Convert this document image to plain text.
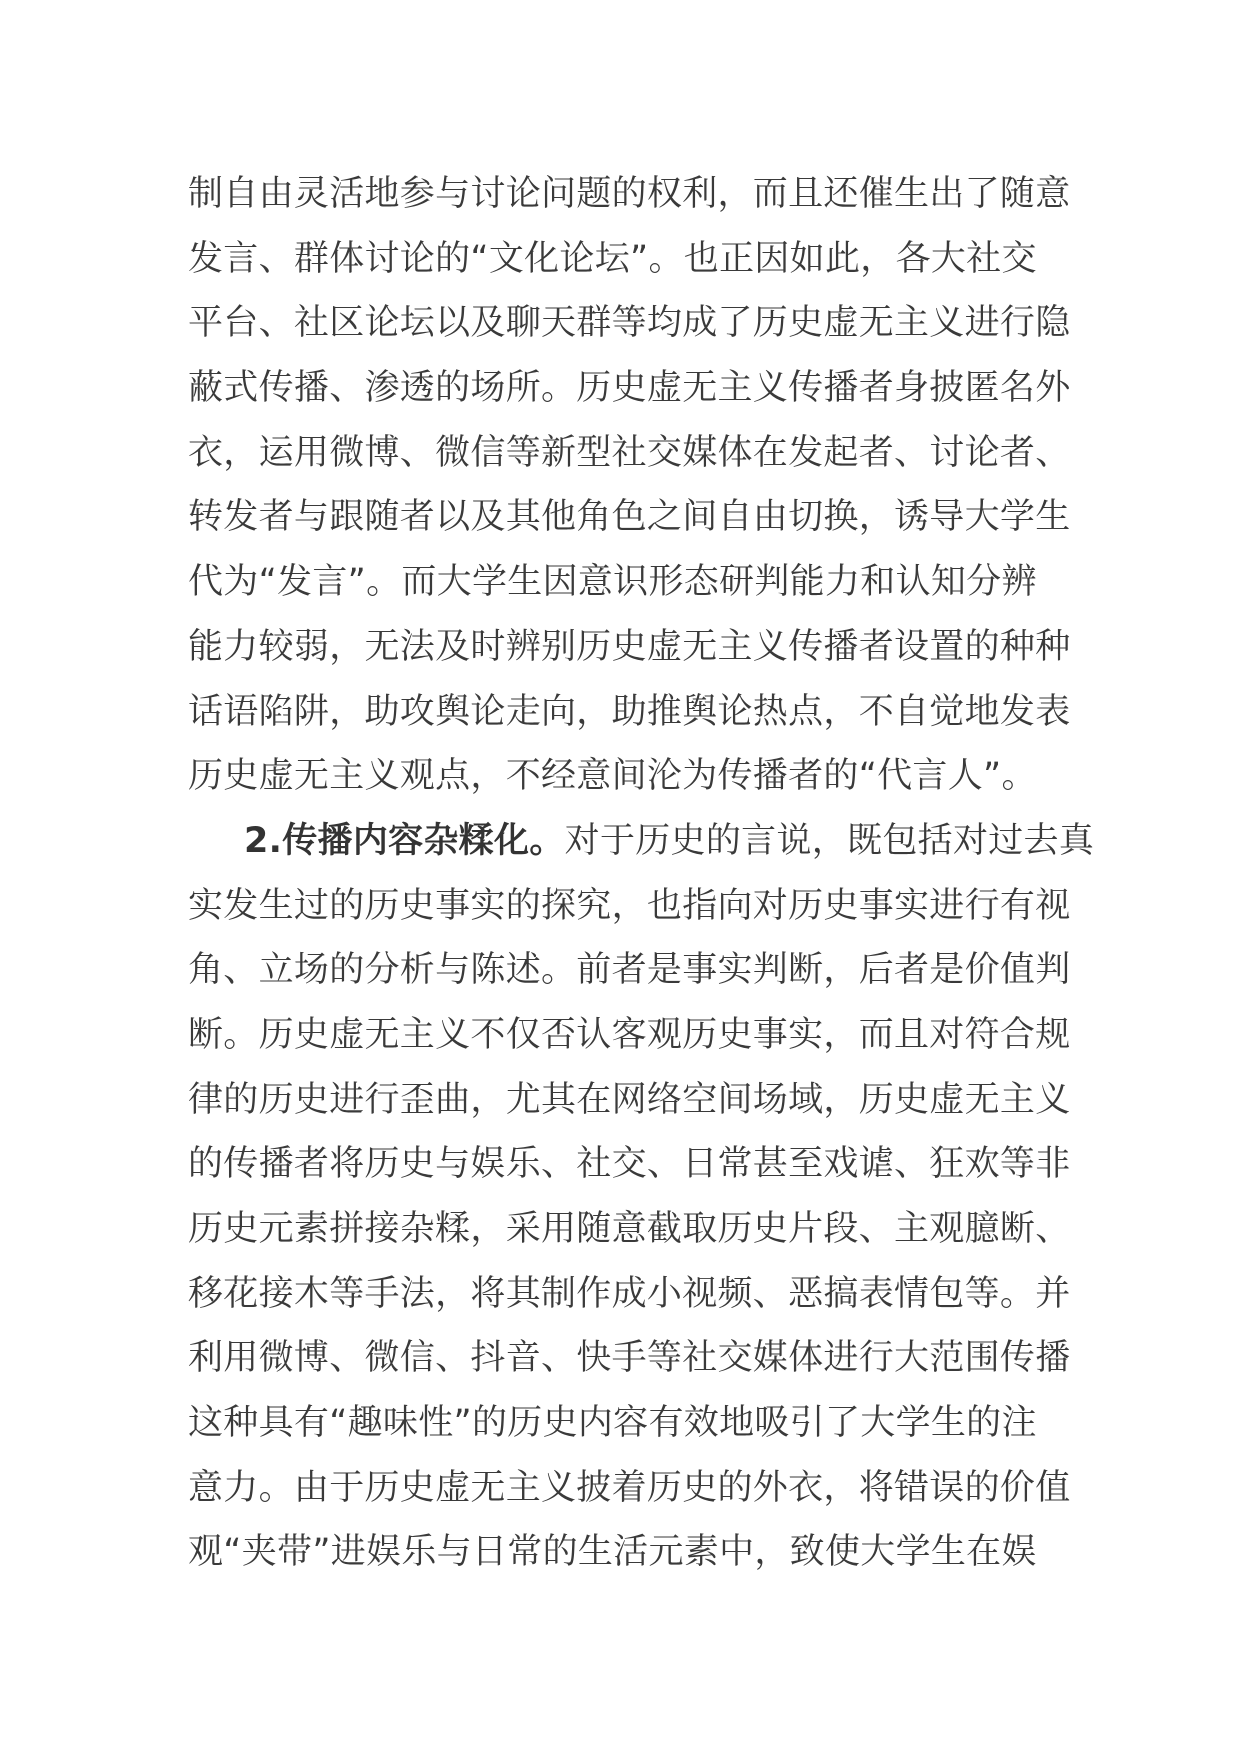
制自由灵活地参与讨论问题的权利，而且还催生出了随意
发言、群体讨论的“文化论坛”。也正因如此，各大社交
平台、社区论坛以及聊天群等均成了历史虚无主义进行隐
蔽式传播、渗透的场所。历史虚无主义传播者身披匿名外
衣，运用微博、微信等新型社交媒体在发起者、讨论者、
转发者与跟随者以及其他角色之间自由切换，诱导大学生
代为“发言”。而大学生因意识形态研判能力和认知分辨
能力较弱，无法及时辨别历史虚无主义传播者设置的种种
话语陷阱，助攻舆论走向，助推舆论热点，不自觉地发表
历史虚无主义观点，不经意间沦为传播者的“代言人”。
2.传播内容杂糅化。对于历史的言说，既包括对过去真
实发生过的历史事实的探究，也指向对历史事实进行有视
角、立场的分析与陈述。前者是事实判断，后者是价值判
断。历史虚无主义不仅否认客观历史事实，而且对符合规
律的历史进行歪曲，尤其在网络空间场域，历史虚无主义
的传播者将历史与娱乐、社交、日常甚至戏谑、狂欢等非
历史元素拼接杂糅，采用随意截取历史片段、主观臆断、
移花接木等手法，将其制作成小视频、恶搞表情包等。并
利用微博、微信、抖音、快手等社交媒体进行大范围传播
这种具有“趣味性”的历史内容有效地吸引了大学生的注
意力。由于历史虚无主义披着历史的外衣，将错误的价值
观“夹带”进娱乐与日常的生活元素中，致使大学生在娱
